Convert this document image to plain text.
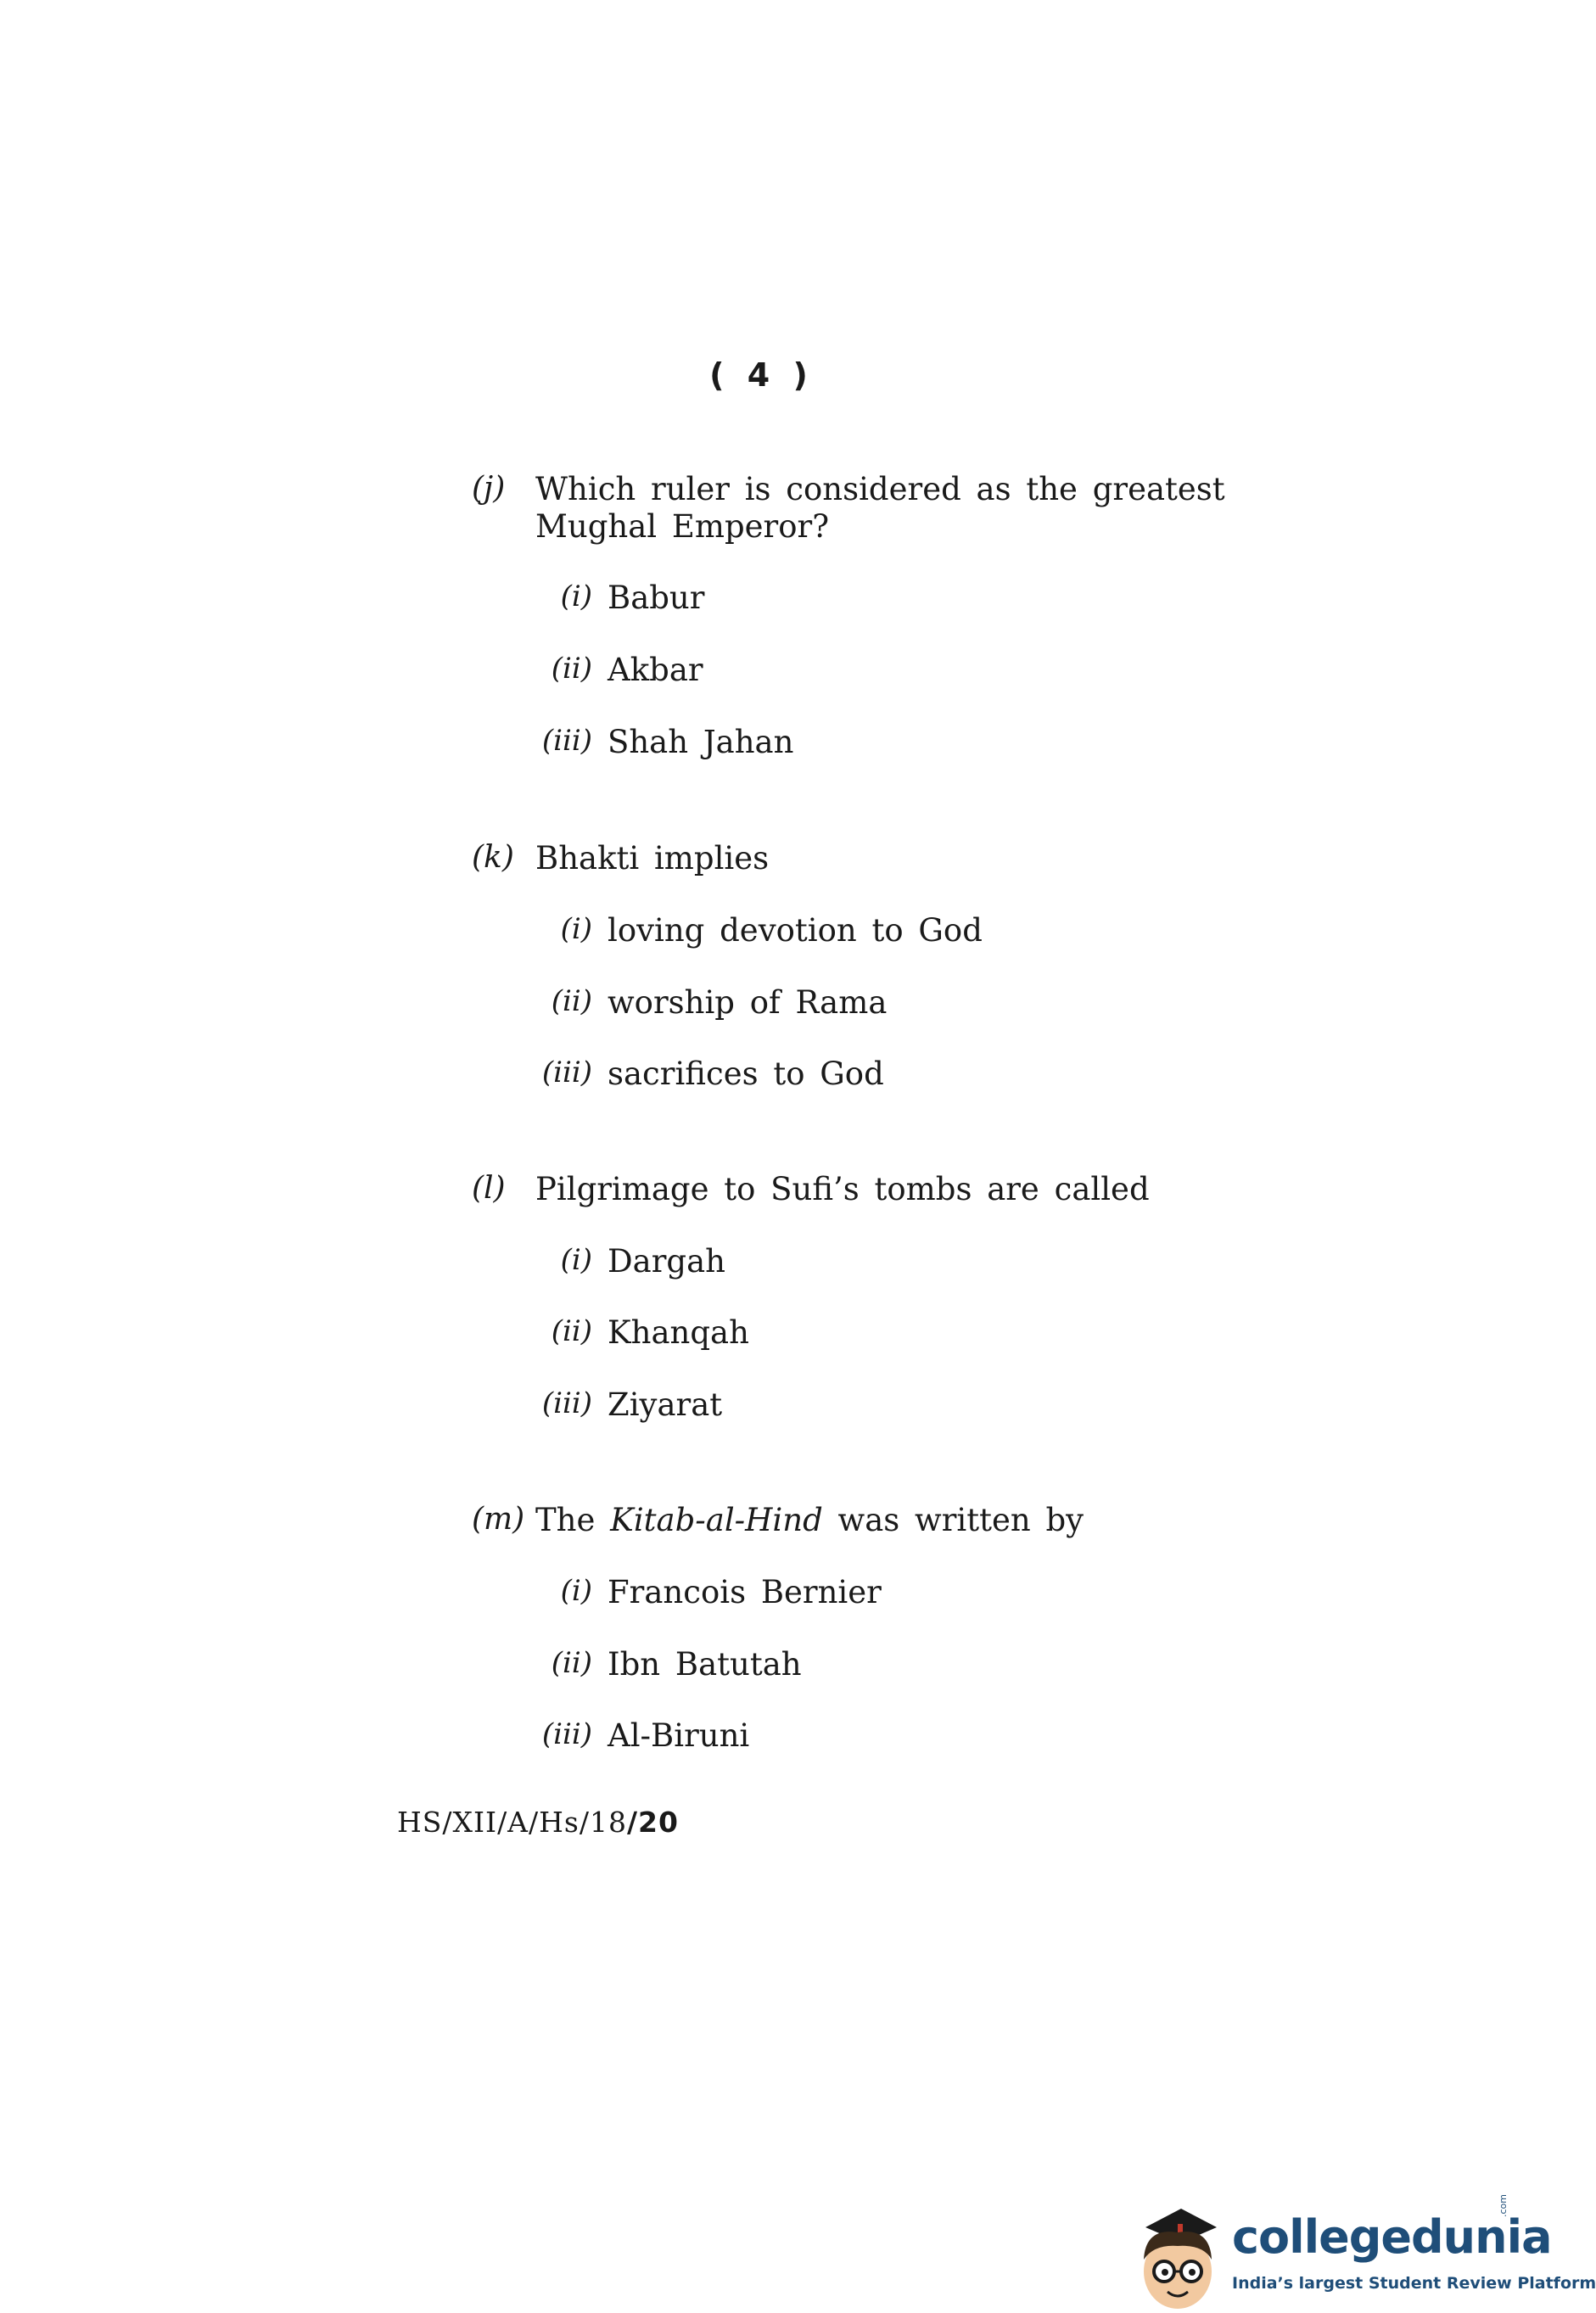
( 4 )
(j) Which ruler is considered as the greatest Mughal Emperor?
(i) Babur
(ii) Akbar
(iii) Shah Jahan
(k) Bhakti implies
(i) loving devotion to God
(ii) worship of Rama
(iii) sacrifices to God
(l) Pilgrimage to Sufi’s tombs are called
(i) Dargah
(ii) Khanqah
(iii) Ziyarat
(m) The Kitab-al-Hind was written by
(i) Francois Bernier
(ii) Ibn Batutah
(iii) Al-Biruni
HS/XII/A/Hs/18/20
collegedunia
.com
India’s largest Student Review Platform
